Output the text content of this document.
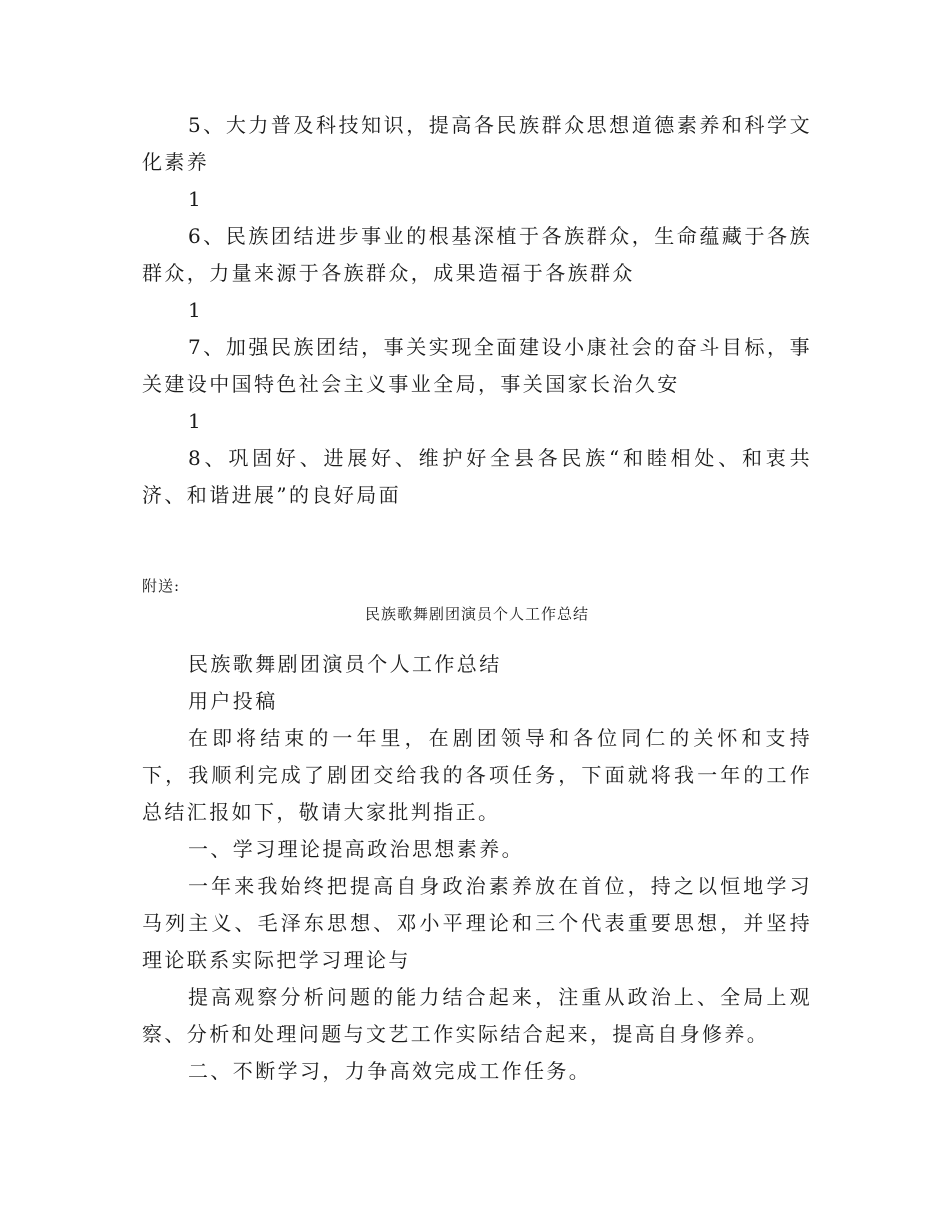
5、大力普及科技知识，提高各民族群众思想道德素养和科学文化素养

1

6、民族团结进步事业的根基深植于各族群众，生命蕴藏于各族群众，力量来源于各族群众，成果造福于各族群众

1

7、加强民族团结，事关实现全面建设小康社会的奋斗目标，事关建设中国特色社会主义事业全局，事关国家长治久安

1

8、巩固好、进展好、维护好全县各民族“和睦相处、和衷共济、和谐进展”的良好局面

附送:

民族歌舞剧团演员个人工作总结

民族歌舞剧团演员个人工作总结

用户投稿

在即将结束的一年里，在剧团领导和各位同仁的关怀和支持下，我顺利完成了剧团交给我的各项任务，下面就将我一年的工作总结汇报如下，敬请大家批判指正。

一、学习理论提高政治思想素养。

一年来我始终把提高自身政治素养放在首位，持之以恒地学习马列主义、毛泽东思想、邓小平理论和三个代表重要思想，并坚持理论联系实际把学习理论与

提高观察分析问题的能力结合起来，注重从政治上、全局上观察、分析和处理问题与文艺工作实际结合起来，提高自身修养。

二、不断学习，力争高效完成工作任务。
